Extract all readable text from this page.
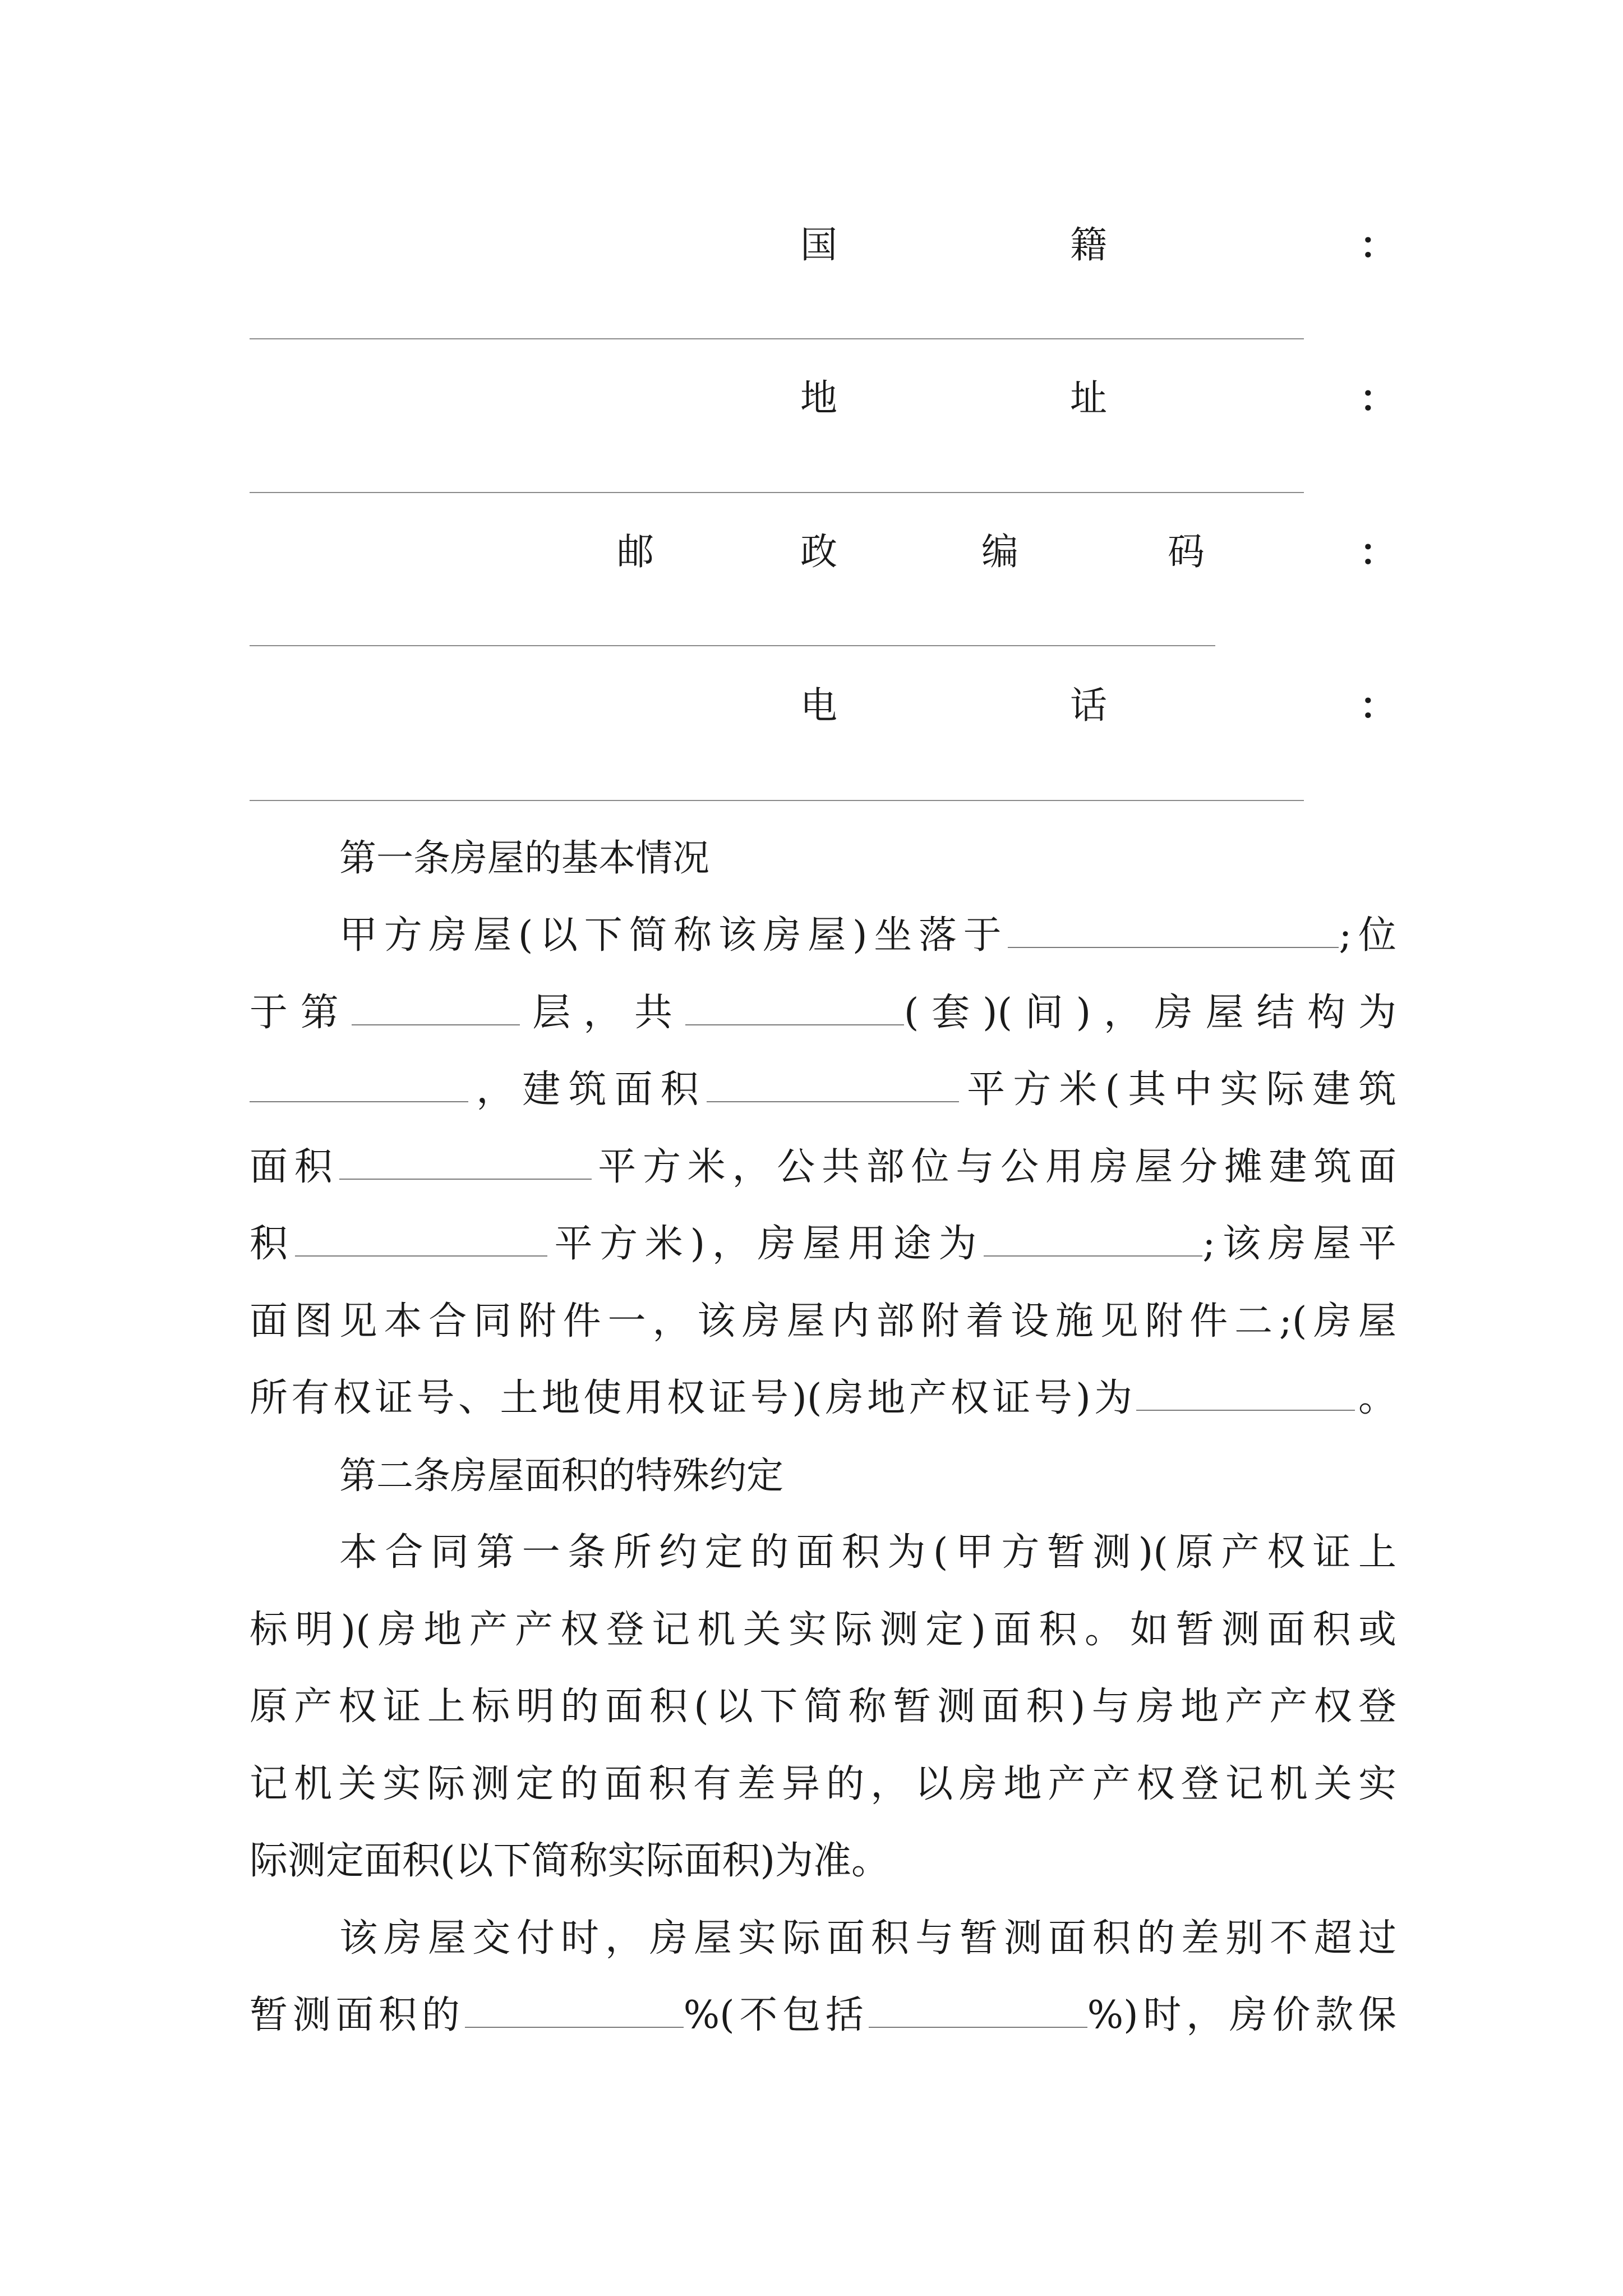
国	籍	：
地	址	：
邮	政	编	码	：
电	话	：
第一条房屋的基本情况
甲方房屋(以下简称该房屋)坐落于	;位
于第	层，共	(套)(间)，房屋结构为
，建筑面积	平方米(其中实际建筑
面积	平方米，公共部位与公用房屋分摊建筑面
积	平方米)，房屋用途为	;该房屋平
面图见本合同附件一，该房屋内部附着设施见附件二;(房屋
所有权证号、土地使用权证号)(房地产权证号)为	。
第二条房屋面积的特殊约定
本合同第一条所约定的面积为(甲方暂测)(原产权证上
标明)(房地产产权登记机关实际测定)面积。如暂测面积或
原产权证上标明的面积(以下简称暂测面积)与房地产产权登
记机关实际测定的面积有差异的，以房地产产权登记机关实
际测定面积(以下简称实际面积)为准。
该房屋交付时，房屋实际面积与暂测面积的差别不超过
暂测面积的	%(不包括	%)时，房价款保
